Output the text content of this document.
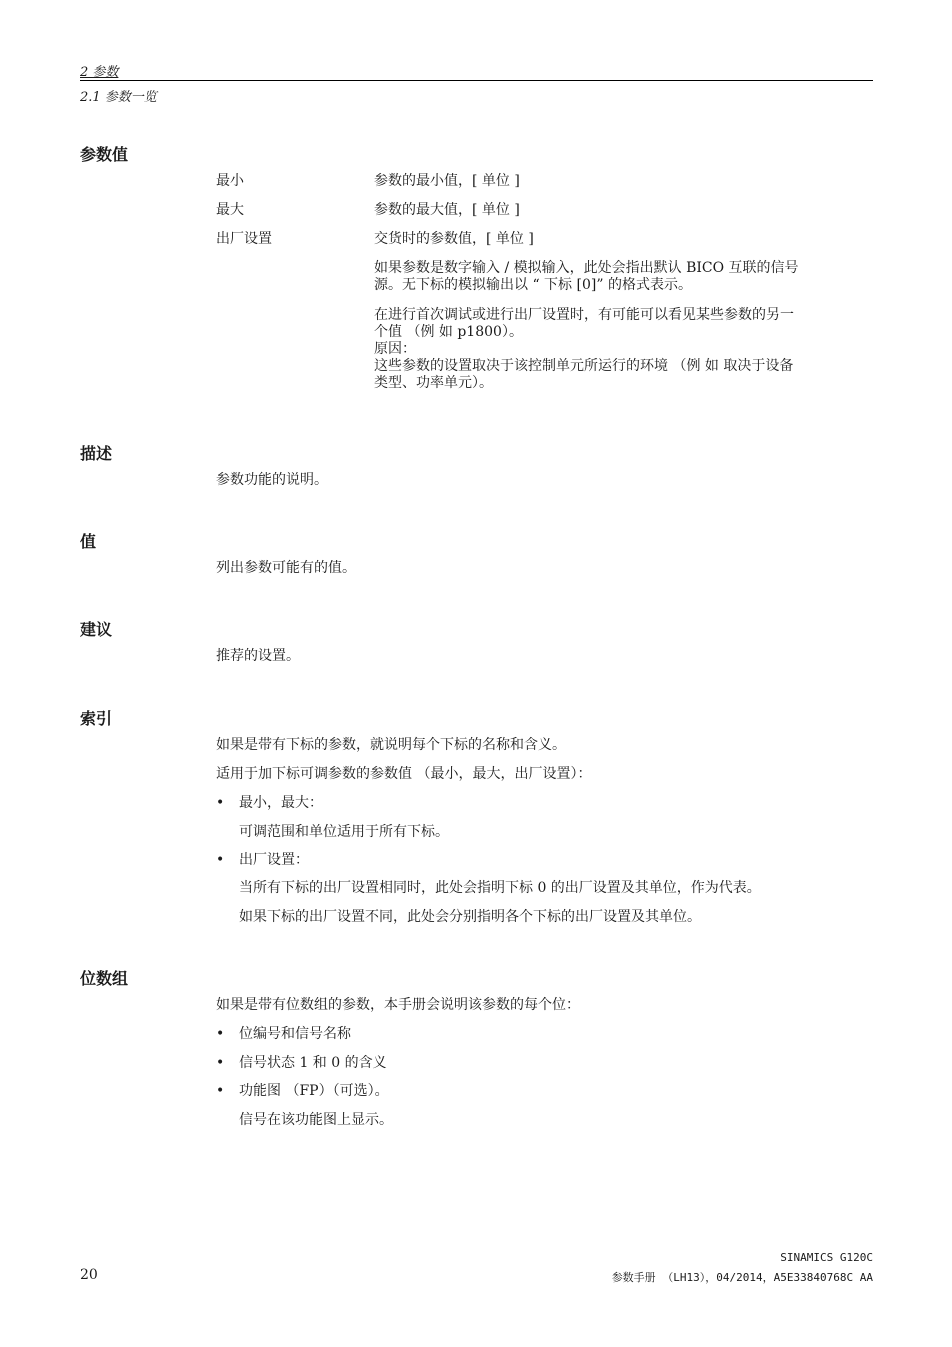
2 参数
2.1 参数一览
参数值
最小	参数的最小值，[ 单位 ]
最大	参数的最大值，[ 单位 ]
出厂设置	交货时的参数值，[ 单位 ]
如果参数是数字输入 / 模拟输入，此处会指出默认 BICO 互联的信号
源。无下标的模拟输出以 “ 下标 [0]” 的格式表示。
在进行首次调试或进行出厂设置时，有可能可以看见某些参数的另一
个值 （例 如 p1800）。
原因：
这些参数的设置取决于该控制单元所运行的环境 （例 如 取决于设备
类型、功率单元）。
描述
参数功能的说明。
值
列出参数可能有的值。
建议
推荐的设置。
索引
如果是带有下标的参数，就说明每个下标的名称和含义。
适用于加下标可调参数的参数值 （最小，最大，出厂设置）：
• 最小，最大：
可调范围和单位适用于所有下标。
• 出厂设置：
当所有下标的出厂设置相同时，此处会指明下标 0 的出厂设置及其单位，作为代表。
如果下标的出厂设置不同，此处会分别指明各个下标的出厂设置及其单位。
位数组
如果是带有位数组的参数，本手册会说明该参数的每个位：
• 位编号和信号名称
• 信号状态 1 和 0 的含义
• 功能图 （FP）（可选）。
信号在该功能图上显示。
20
SINAMICS G120C
参数手册 （LH13），04/2014，A5E33840768C AA
